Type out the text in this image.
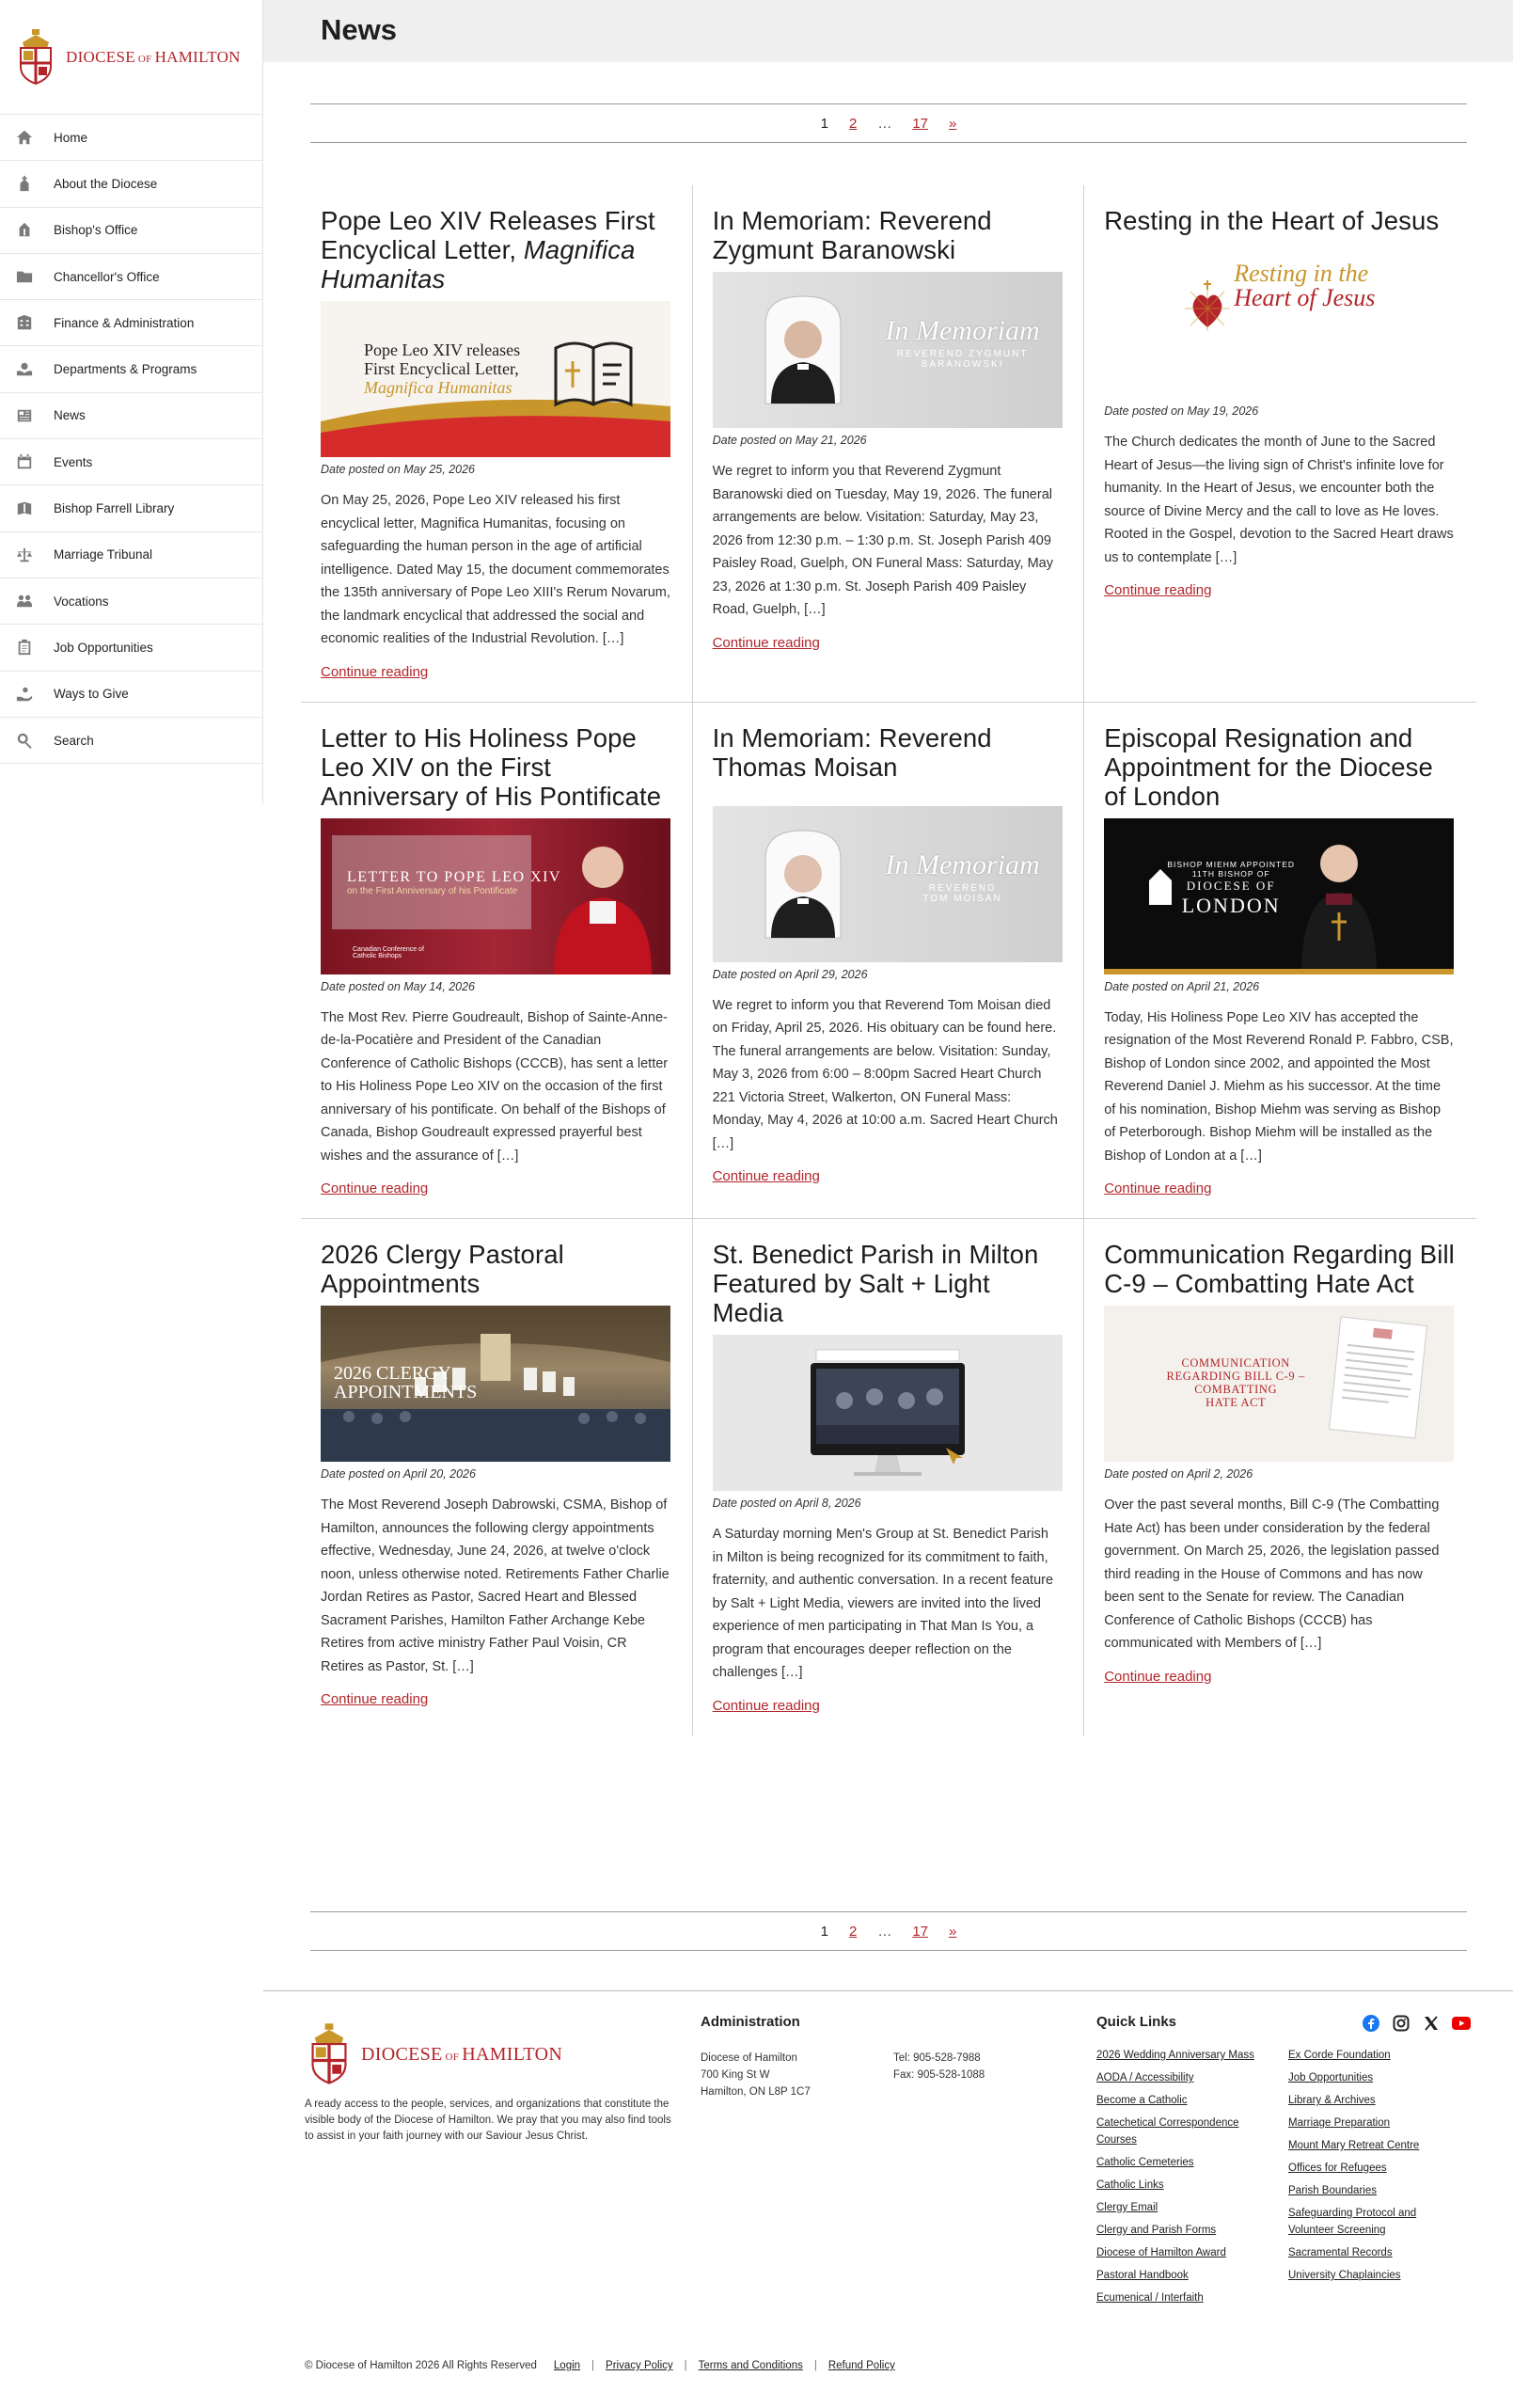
DIOCESE OF HAMILTON
Home
About the Diocese
Bishop's Office
Chancellor's Office
Finance & Administration
Departments & Programs
News
Events
Bishop Farrell Library
Marriage Tribunal
Vocations
Job Opportunities
Ways to Give
Search
News
1 2 … 17 »
Pope Leo XIV Releases First Encyclical Letter, Magnifica Humanitas
Pope Leo XIV releases
First Encyclical Letter,
Magnifica Humanitas
Date posted on May 25, 2026

On May 25, 2026, Pope Leo XIV released his first encyclical letter, Magnifica Humanitas, focusing on safeguarding the human person in the age of artificial intelligence. Dated May 15, the document commemorates the 135th anniversary of Pope Leo XIII's Rerum Novarum, the landmark encyclical that addressed the social and economic realities of the Industrial Revolution. […]

Continue reading
In Memoriam: Reverend Zygmunt Baranowski
In Memoriam
REVEREND ZYGMUNT
BARANOWSKI
Date posted on May 21, 2026

We regret to inform you that Reverend Zygmunt Baranowski died on Tuesday, May 19, 2026. The funeral arrangements are below. Visitation: Saturday, May 23, 2026 from 12:30 p.m. – 1:30 p.m. St. Joseph Parish 409 Paisley Road, Guelph, ON Funeral Mass: Saturday, May 23, 2026 at 1:30 p.m. St. Joseph Parish 409 Paisley Road, Guelph, […]

Continue reading
Resting in the Heart of Jesus
Resting in the
Heart of Jesus
Date posted on May 19, 2026

The Church dedicates the month of June to the Sacred Heart of Jesus—the living sign of Christ's infinite love for humanity. In the Heart of Jesus, we encounter both the source of Divine Mercy and the call to love as He loves. Rooted in the Gospel, devotion to the Sacred Heart draws us to contemplate […]

Continue reading
Letter to His Holiness Pope Leo XIV on the First Anniversary of His Pontificate
LETTER TO POPE LEO XIV
on the First Anniversary of his Pontificate
Canadian Conference of Catholic Bishops
Date posted on May 14, 2026

The Most Rev. Pierre Goudreault, Bishop of Sainte-Anne-de-la-Pocatière and President of the Canadian Conference of Catholic Bishops (CCCB), has sent a letter to His Holiness Pope Leo XIV on the occasion of the first anniversary of his pontificate. On behalf of the Bishops of Canada, Bishop Goudreault expressed prayerful best wishes and the assurance of […]

Continue reading
In Memoriam: Reverend Thomas Moisan
In Memoriam
REVEREND
TOM MOISAN
Date posted on April 29, 2026

We regret to inform you that Reverend Tom Moisan died on Friday, April 25, 2026. His obituary can be found here. The funeral arrangements are below. Visitation: Sunday, May 3, 2026 from 6:00 – 8:00pm Sacred Heart Church 221 Victoria Street, Walkerton, ON Funeral Mass: Monday, May 4, 2026 at 10:00 a.m. Sacred Heart Church […]

Continue reading
Episcopal Resignation and Appointment for the Diocese of London
BISHOP MIEHM APPOINTED
11TH BISHOP OF
DIOCESE OF
LONDON
Date posted on April 21, 2026

Today, His Holiness Pope Leo XIV has accepted the resignation of the Most Reverend Ronald P. Fabbro, CSB, Bishop of London since 2002, and appointed the Most Reverend Daniel J. Miehm as his successor. At the time of his nomination, Bishop Miehm was serving as Bishop of Peterborough. Bishop Miehm will be installed as the Bishop of London at a […]

Continue reading
2026 Clergy Pastoral Appointments
2026 CLERGY
APPOINTMENTS
Date posted on April 20, 2026

The Most Reverend Joseph Dabrowski, CSMA, Bishop of Hamilton, announces the following clergy appointments effective, Wednesday, June 24, 2026, at twelve o'clock noon, unless otherwise noted. Retirements Father Charlie Jordan Retires as Pastor, Sacred Heart and Blessed Sacrament Parishes, Hamilton Father Archange Kebe Retires from active ministry Father Paul Voisin, CR Retires as Pastor, St. […]

Continue reading
St. Benedict Parish in Milton Featured by Salt + Light Media
Date posted on April 8, 2026

A Saturday morning Men's Group at St. Benedict Parish in Milton is being recognized for its commitment to faith, fraternity, and authentic conversation. In a recent feature by Salt + Light Media, viewers are invited into the lived experience of men participating in That Man Is You, a program that encourages deeper reflection on the challenges […]

Continue reading
Communication Regarding Bill C-9 – Combatting Hate Act
COMMUNICATION
REGARDING BILL C-9 –
COMBATTING
HATE ACT
Date posted on April 2, 2026

Over the past several months, Bill C-9 (The Combatting Hate Act) has been under consideration by the federal government. On March 25, 2026, the legislation passed third reading in the House of Commons and has now been sent to the Senate for review. The Canadian Conference of Catholic Bishops (CCCB) has communicated with Members of […]

Continue reading
1 2 … 17 »
DIOCESE OF HAMILTON

A ready access to the people, services, and organizations that constitute the visible body of the Diocese of Hamilton. We pray that you may also find tools to assist in your faith journey with our Saviour Jesus Christ.

Administration
Diocese of Hamilton
700 King St W
Hamilton, ON L8P 1C7
Tel: 905-528-7988
Fax: 905-528-1088
Quick Links
2026 Wedding Anniversary Mass
AODA / Accessibility
Become a Catholic
Catechetical Correspondence Courses
Catholic Cemeteries
Catholic Links
Clergy Email
Clergy and Parish Forms
Diocese of Hamilton Award
Pastoral Handbook
Ecumenical / Interfaith
Ex Corde Foundation
Job Opportunities
Library & Archives
Marriage Preparation
Mount Mary Retreat Centre
Offices for Refugees
Parish Boundaries
Safeguarding Protocol and Volunteer Screening
Sacramental Records
University Chaplaincies
© Diocese of Hamilton 2026 All Rights Reserved Login | Privacy Policy | Terms and Conditions | Refund Policy
